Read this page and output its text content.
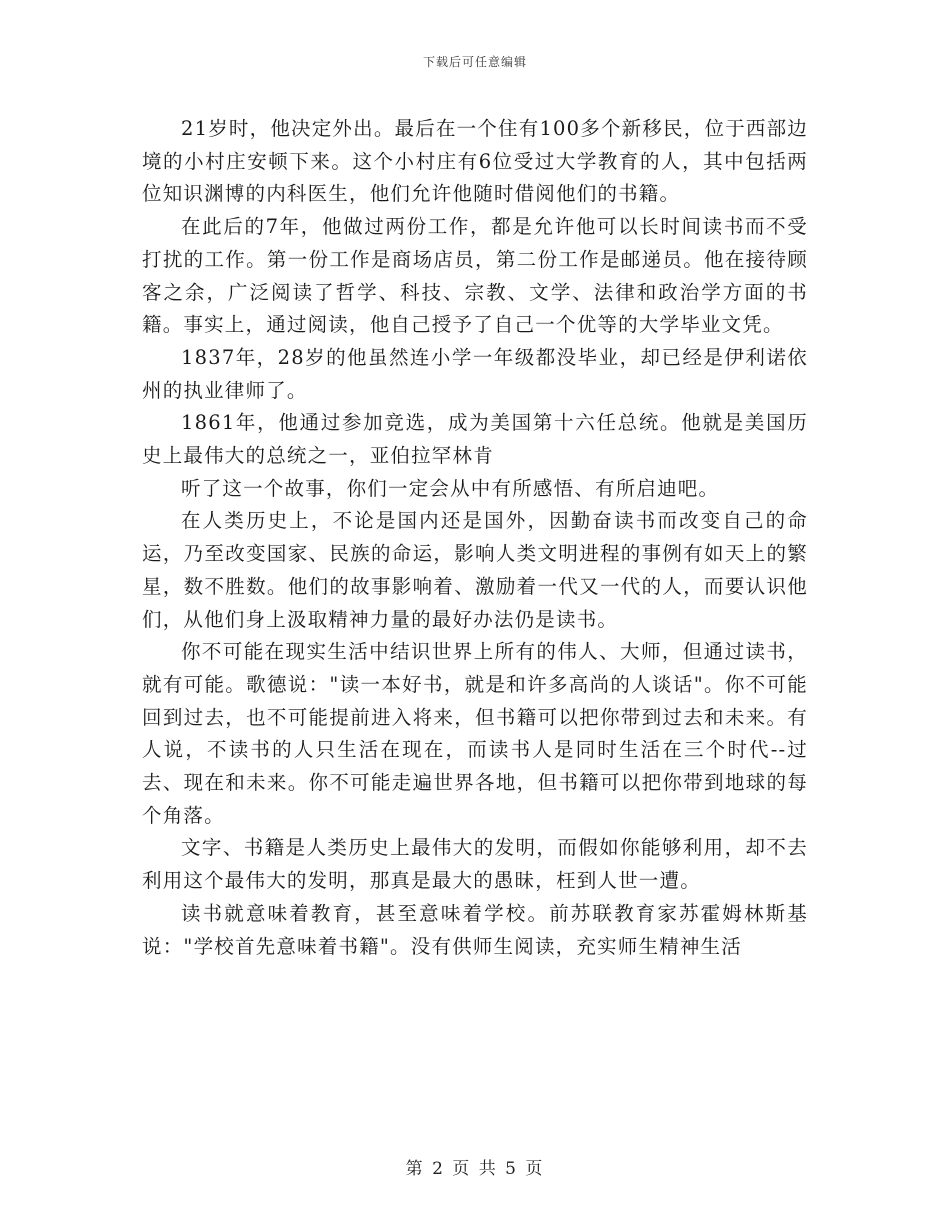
下载后可任意编辑

21岁时，他决定外出。最后在一个住有100多个新移民，位于西部边境的小村庄安顿下来。这个小村庄有6位受过大学教育的人，其中包括两位知识渊博的内科医生，他们允许他随时借阅他们的书籍。

在此后的7年，他做过两份工作，都是允许他可以长时间读书而不受打扰的工作。第一份工作是商场店员，第二份工作是邮递员。他在接待顾客之余，广泛阅读了哲学、科技、宗教、文学、法律和政治学方面的书籍。事实上，通过阅读，他自己授予了自己一个优等的大学毕业文凭。

1837年，28岁的他虽然连小学一年级都没毕业，却已经是伊利诺依州的执业律师了。

1861年，他通过参加竞选，成为美国第十六任总统。他就是美国历史上最伟大的总统之一，亚伯拉罕林肯

听了这一个故事，你们一定会从中有所感悟、有所启迪吧。

在人类历史上，不论是国内还是国外，因勤奋读书而改变自己的命运，乃至改变国家、民族的命运，影响人类文明进程的事例有如天上的繁星，数不胜数。他们的故事影响着、激励着一代又一代的人，而要认识他们，从他们身上汲取精神力量的最好办法仍是读书。

你不可能在现实生活中结识世界上所有的伟人、大师，但通过读书，就有可能。歌德说："读一本好书，就是和许多高尚的人谈话"。你不可能回到过去，也不可能提前进入将来，但书籍可以把你带到过去和未来。有人说，不读书的人只生活在现在，而读书人是同时生活在三个时代--过去、现在和未来。你不可能走遍世界各地，但书籍可以把你带到地球的每个角落。

文字、书籍是人类历史上最伟大的发明，而假如你能够利用，却不去利用这个最伟大的发明，那真是最大的愚昧，枉到人世一遭。

读书就意味着教育，甚至意味着学校。前苏联教育家苏霍姆林斯基说："学校首先意味着书籍"。没有供师生阅读，充实师生精神生活

第 2 页 共 5 页
